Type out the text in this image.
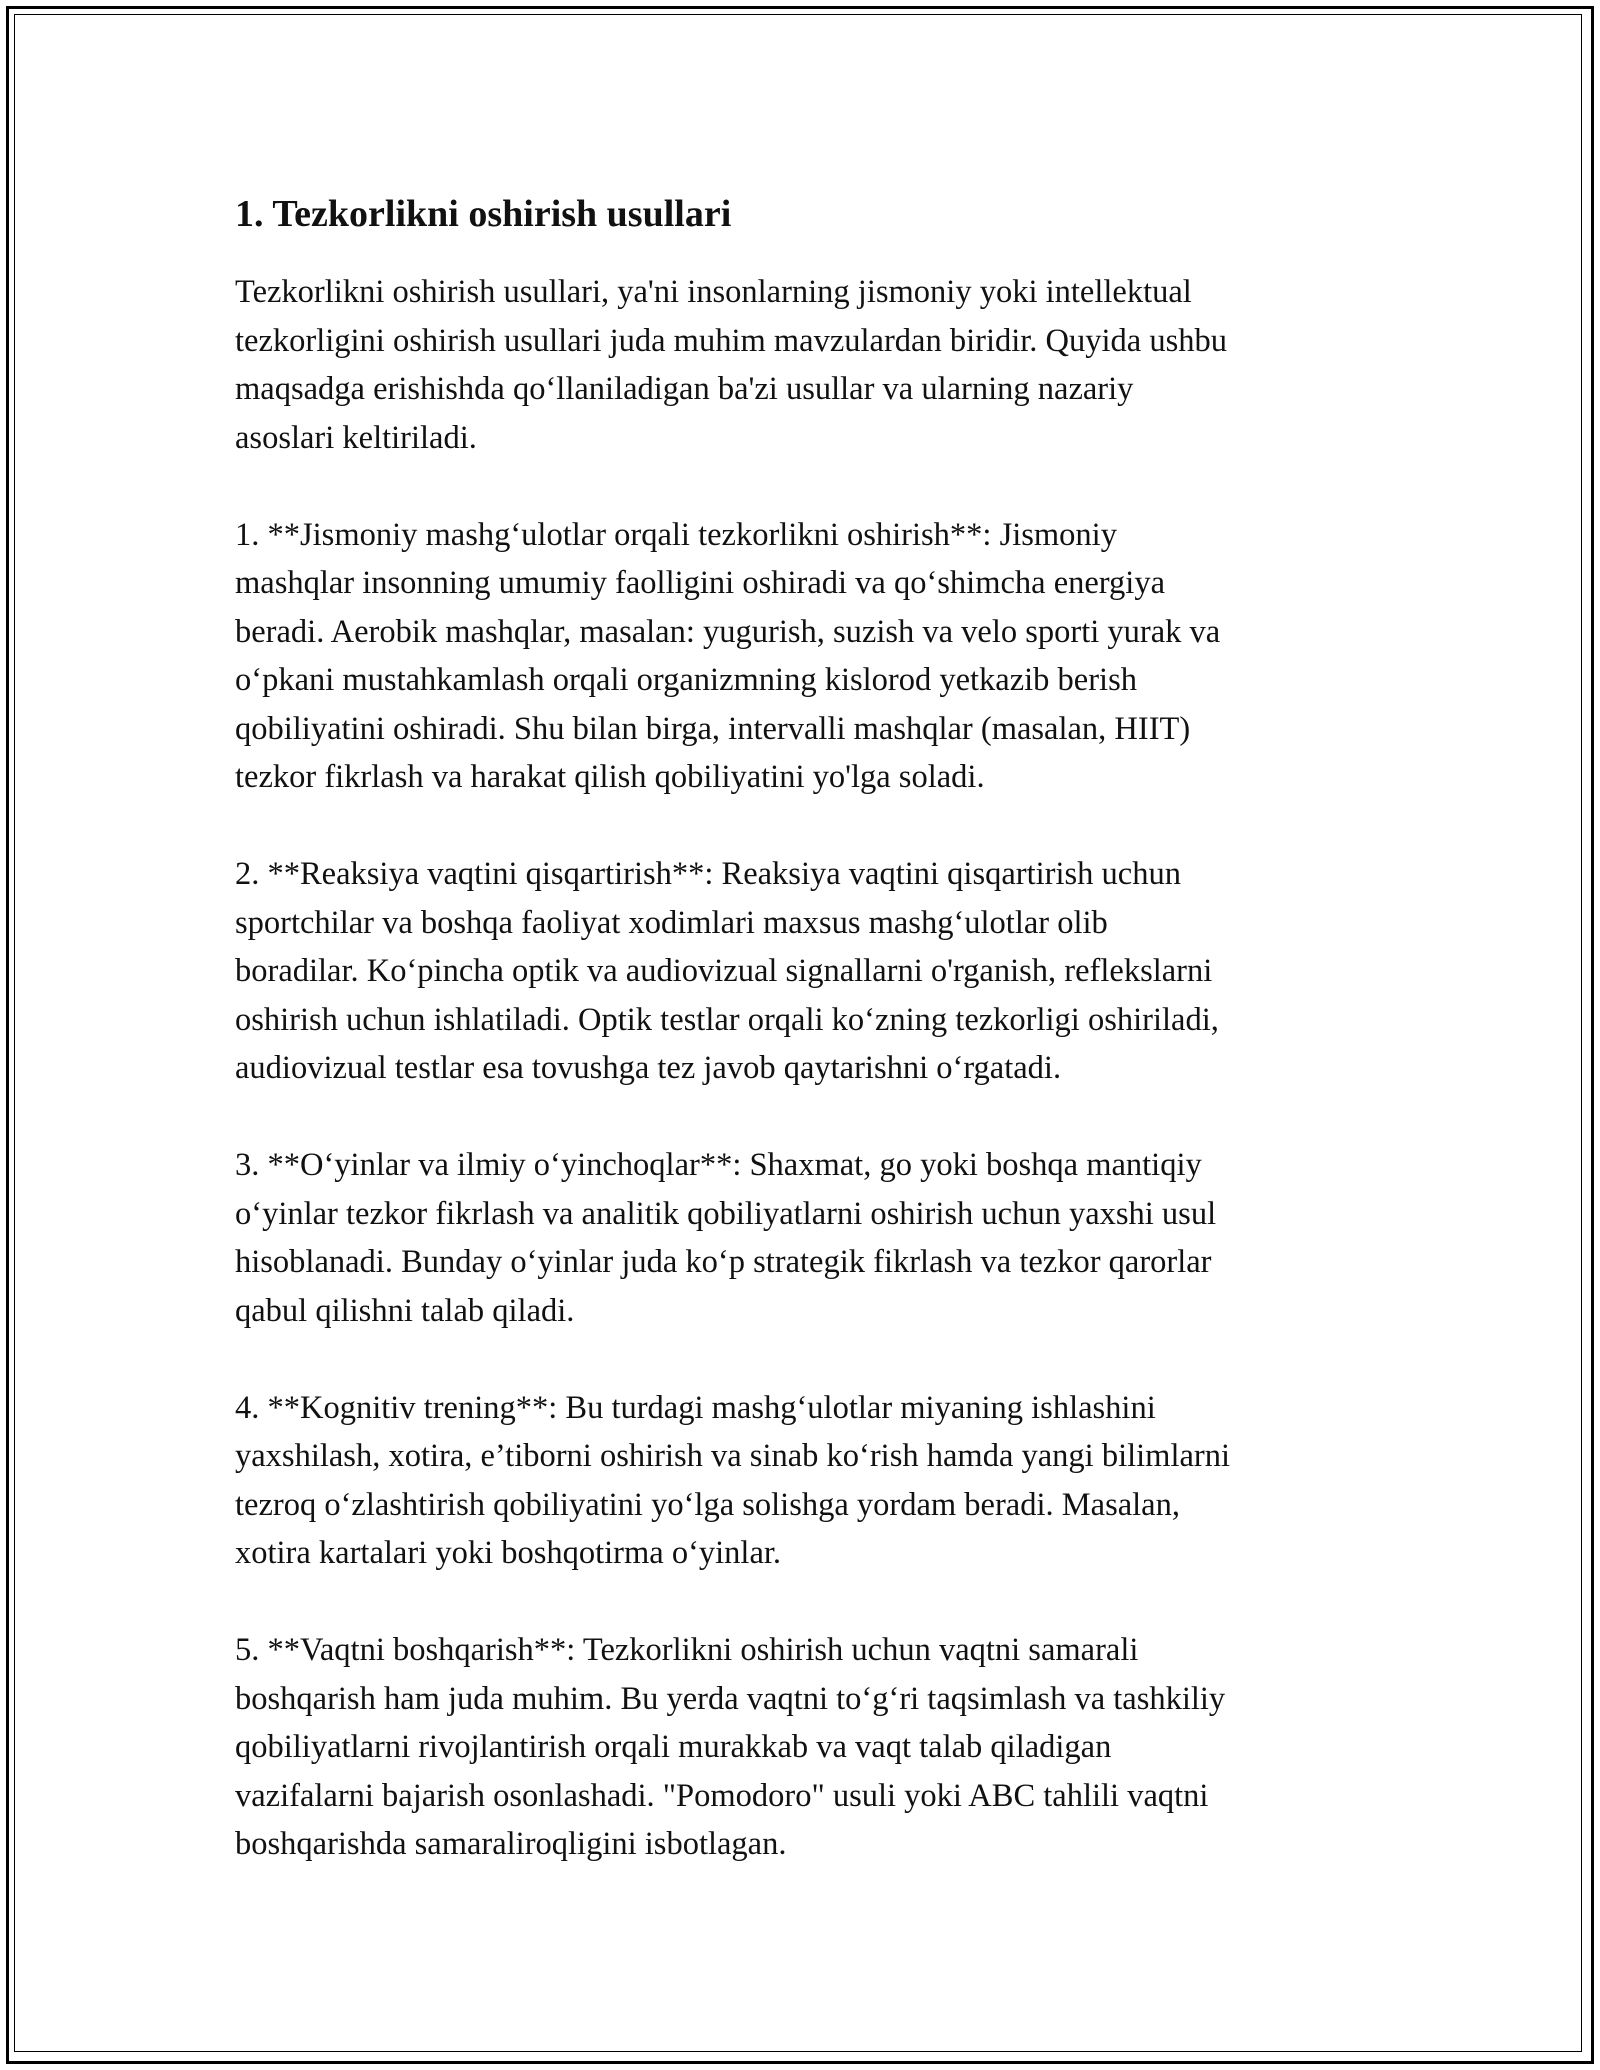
1. Tezkorlikni oshirish usullari

Tezkorlikni oshirish usullari, ya'ni insonlarning jismoniy yoki intellektual
tezkorligini oshirish usullari juda muhim mavzulardan biridir. Quyida ushbu
maqsadga erishishda qo‘llaniladigan ba'zi usullar va ularning nazariy
asoslari keltiriladi.

1. **Jismoniy mashg‘ulotlar orqali tezkorlikni oshirish**: Jismoniy
mashqlar insonning umumiy faolligini oshiradi va qo‘shimcha energiya
beradi. Aerobik mashqlar, masalan: yugurish, suzish va velo sporti yurak va
o‘pkani mustahkamlash orqali organizmning kislorod yetkazib berish
qobiliyatini oshiradi. Shu bilan birga, intervalli mashqlar (masalan, HIIT)
tezkor fikrlash va harakat qilish qobiliyatini yo'lga soladi.

2. **Reaksiya vaqtini qisqartirish**: Reaksiya vaqtini qisqartirish uchun
sportchilar va boshqa faoliyat xodimlari maxsus mashg‘ulotlar olib
boradilar. Ko‘pincha optik va audiovizual signallarni o'rganish, reflekslarni
oshirish uchun ishlatiladi. Optik testlar orqali ko‘zning tezkorligi oshiriladi,
audiovizual testlar esa tovushga tez javob qaytarishni o‘rgatadi.

3. **O‘yinlar va ilmiy o‘yinchoqlar**: Shaxmat, go yoki boshqa mantiqiy
o‘yinlar tezkor fikrlash va analitik qobiliyatlarni oshirish uchun yaxshi usul
hisoblanadi. Bunday o‘yinlar juda ko‘p strategik fikrlash va tezkor qarorlar
qabul qilishni talab qiladi.

4. **Kognitiv trening**: Bu turdagi mashg‘ulotlar miyaning ishlashini
yaxshilash, xotira, e’tiborni oshirish va sinab ko‘rish hamda yangi bilimlarni
tezroq o‘zlashtirish qobiliyatini yo‘lga solishga yordam beradi. Masalan,
xotira kartalari yoki boshqotirma o‘yinlar.

5. **Vaqtni boshqarish**: Tezkorlikni oshirish uchun vaqtni samarali
boshqarish ham juda muhim. Bu yerda vaqtni to‘g‘ri taqsimlash va tashkiliy
qobiliyatlarni rivojlantirish orqali murakkab va vaqt talab qiladigan
vazifalarni bajarish osonlashadi. "Pomodoro" usuli yoki ABC tahlili vaqtni
boshqarishda samaraliroqligini isbotlagan.
